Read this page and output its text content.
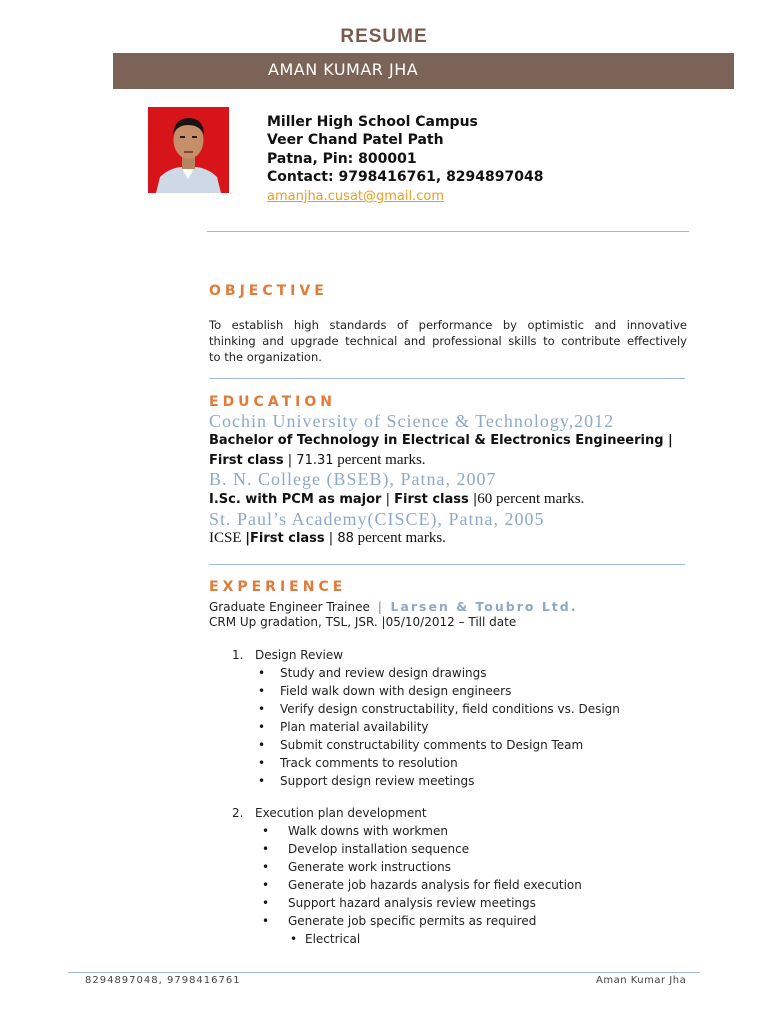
RESUME
AMAN KUMAR JHA
Miller High School Campus
Veer Chand Patel Path
Patna, Pin: 800001
Contact: 9798416761, 8294897048
amanjha.cusat@gmail.com
OBJECTIVE
To establish high standards of performance by optimistic and innovative
thinking and upgrade technical and professional skills to contribute effectively
to the organization.
EDUCATION
Cochin University of Science & Technology,2012
Bachelor of Technology in Electrical & Electronics Engineering |
First class | 71.31 percent marks.
B. N. College (BSEB), Patna, 2007
I.Sc. with PCM as major | First class |60 percent marks.
St. Paul’s Academy(CISCE), Patna, 2005
ICSE |First class | 88 percent marks.
EXPERIENCE
Graduate Engineer Trainee | Larsen & Toubro Ltd.
CRM Up gradation, TSL, JSR. |05/10/2012 – Till date
1. Design Review
• Study and review design drawings
• Field walk down with design engineers
• Verify design constructability, field conditions vs. Design
• Plan material availability
• Submit constructability comments to Design Team
• Track comments to resolution
• Support design review meetings
2. Execution plan development
• Walk downs with workmen
• Develop installation sequence
• Generate work instructions
• Generate job hazards analysis for field execution
• Support hazard analysis review meetings
• Generate job specific permits as required
• Electrical
8294897048, 9798416761	Aman Kumar Jha
